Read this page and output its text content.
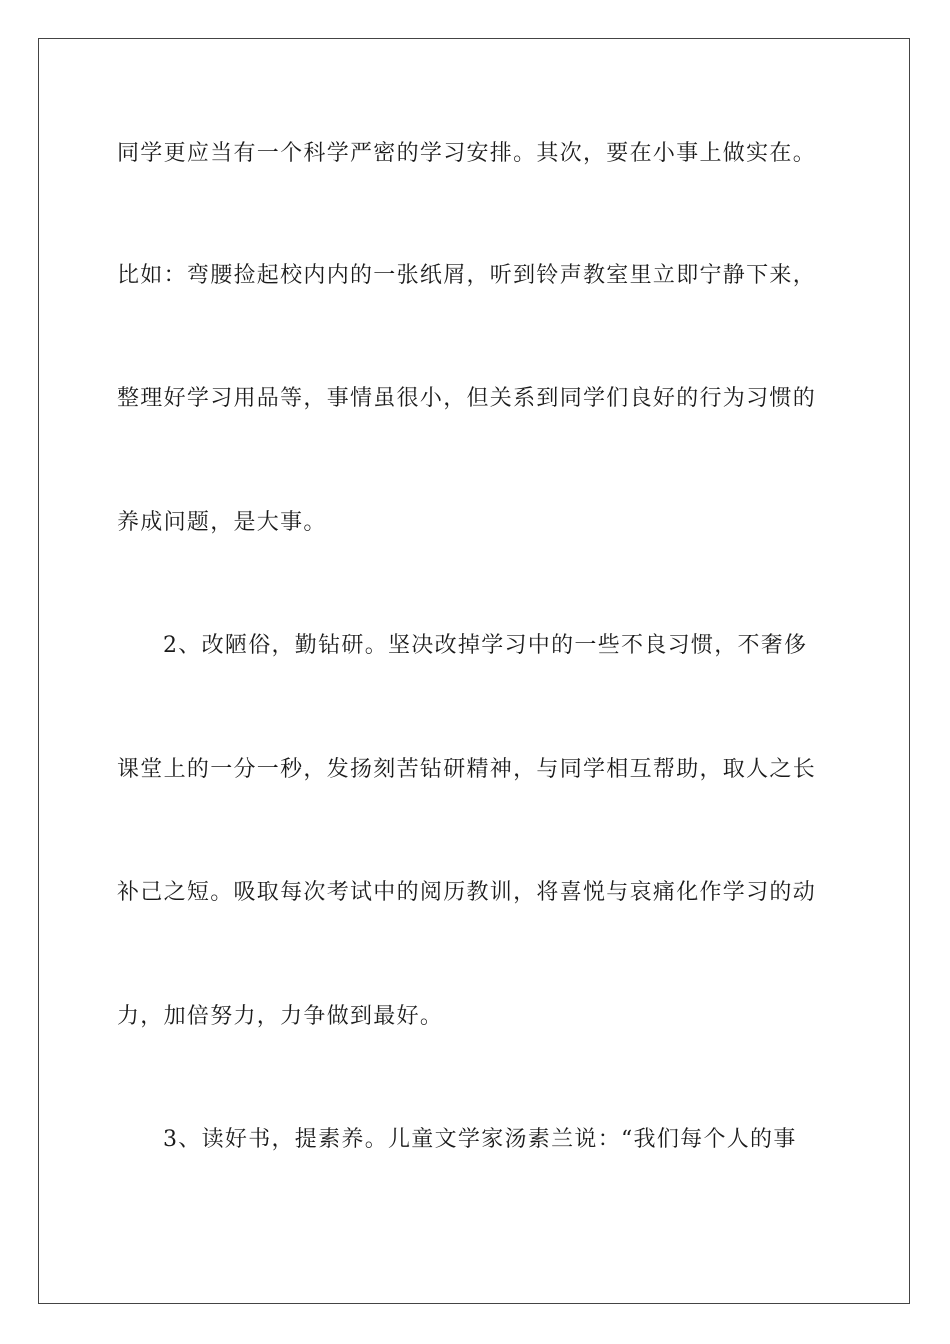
同学更应当有一个科学严密的学习安排。其次，要在小事上做实在。
比如：弯腰捡起校内内的一张纸屑，听到铃声教室里立即宁静下来，
整理好学习用品等，事情虽很小，但关系到同学们良好的行为习惯的
养成问题，是大事。
2、改陋俗，勤钻研。坚决改掉学习中的一些不良习惯，不奢侈
课堂上的一分一秒，发扬刻苦钻研精神，与同学相互帮助，取人之长
补己之短。吸取每次考试中的阅历教训，将喜悦与哀痛化作学习的动
力，加倍努力，力争做到最好。
3、读好书，提素养。儿童文学家汤素兰说：“我们每个人的事
